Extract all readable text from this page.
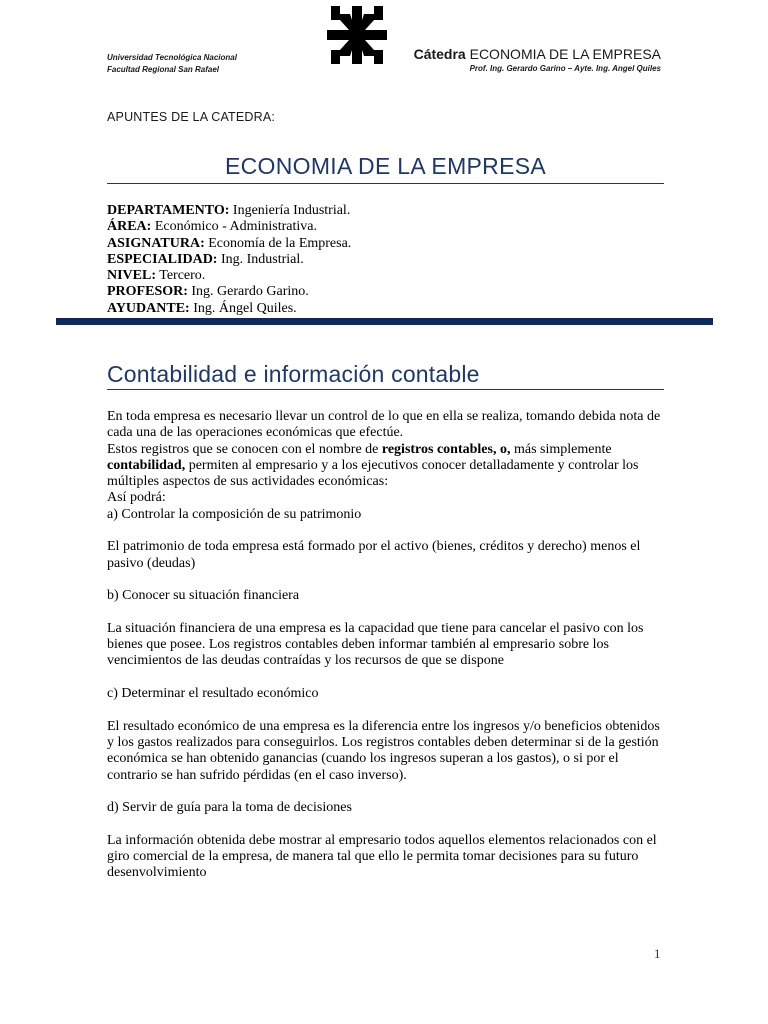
Universidad Tecnológica Nacional
Facultad Regional San Rafael
Cátedra ECONOMIA DE LA EMPRESA
Prof. Ing. Gerardo Garino – Ayte. Ing. Angel Quiles
APUNTES DE LA CATEDRA:
ECONOMIA DE LA EMPRESA
DEPARTAMENTO: Ingeniería Industrial.
ÁREA: Económico - Administrativa.
ASIGNATURA: Economía de la Empresa.
ESPECIALIDAD: Ing. Industrial.
NIVEL: Tercero.
PROFESOR: Ing. Gerardo Garino.
AYUDANTE: Ing. Ángel Quiles.
Contabilidad e información contable

En toda empresa es necesario llevar un control de lo que en ella se realiza, tomando debida nota de cada una de las operaciones económicas que efectúe.

Estos registros que se conocen con el nombre de registros contables, o, más simplemente contabilidad, permiten al empresario y a los ejecutivos conocer detalladamente y controlar los múltiples aspectos de sus actividades económicas:

Así podrá:

a) Controlar la composición de su patrimonio

El patrimonio de toda empresa está formado por el activo (bienes, créditos y derecho) menos el pasivo (deudas)

b) Conocer su situación financiera

La situación financiera de una empresa es la capacidad que tiene para cancelar el pasivo con los bienes que posee. Los registros contables deben informar también al empresario sobre los vencimientos de las deudas contraídas y los recursos de que se dispone

c) Determinar el resultado económico

El resultado económico de una empresa es la diferencia entre los ingresos y/o beneficios obtenidos y los gastos realizados para conseguirlos. Los registros contables deben determinar si de la gestión económica se han obtenido ganancias (cuando los ingresos superan a los gastos), o si por el contrario se han sufrido pérdidas (en el caso inverso).

d) Servir de guía para la toma de decisiones

La información obtenida debe mostrar al empresario todos aquellos elementos relacionados con el giro comercial de la empresa, de manera tal que ello le permita tomar decisiones para su futuro desenvolvimiento

1
